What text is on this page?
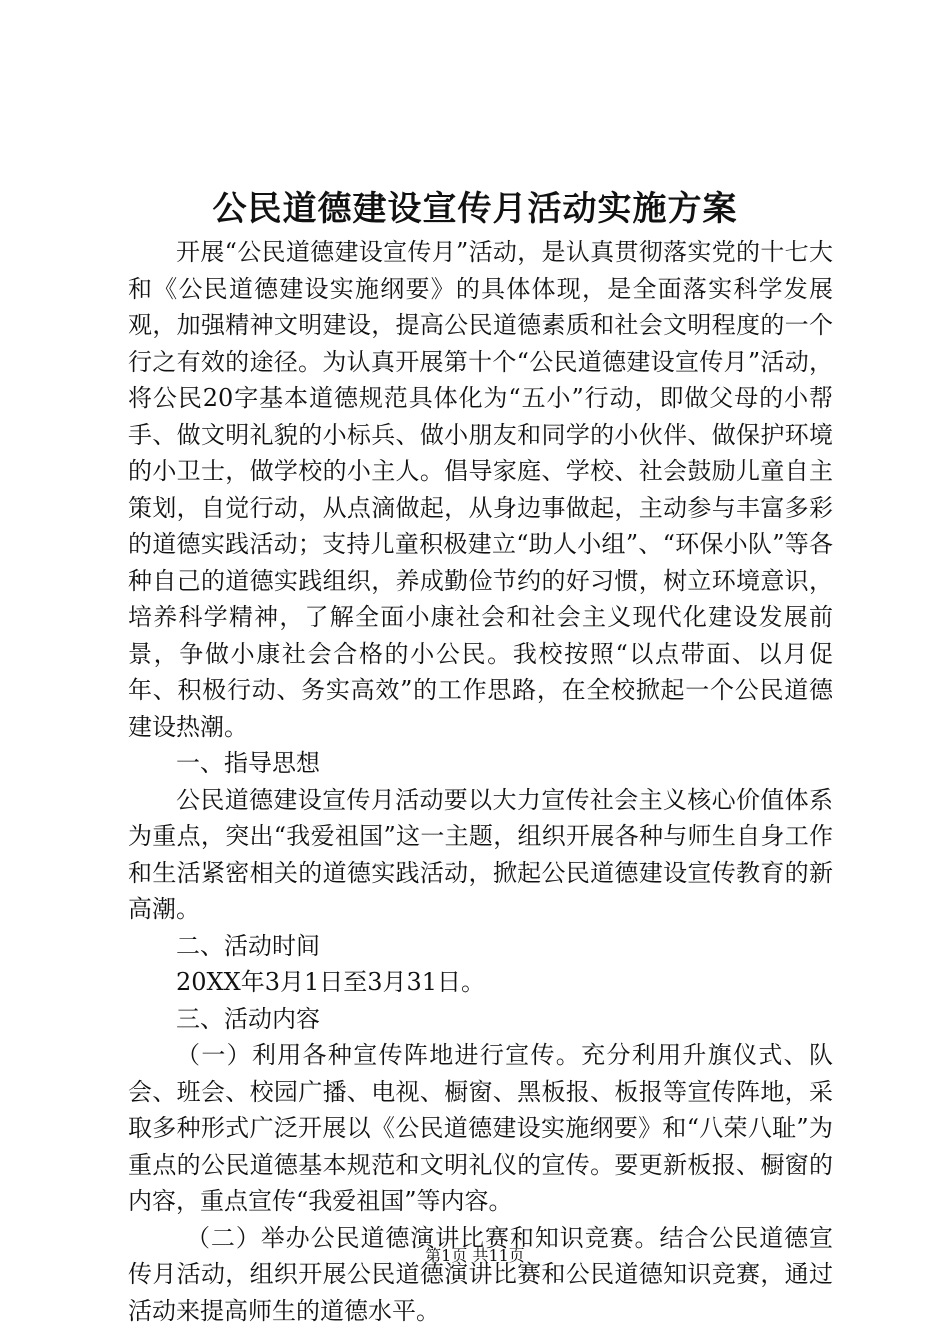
公民道德建设宣传月活动实施方案

开展“公民道德建设宣传月”活动，是认真贯彻落实党的十七大和《公民道德建设实施纲要》的具体体现，是全面落实科学发展观，加强精神文明建设，提高公民道德素质和社会文明程度的一个行之有效的途径。为认真开展第十个“公民道德建设宣传月”活动，将公民20字基本道德规范具体化为“五小”行动，即做父母的小帮手、做文明礼貌的小标兵、做小朋友和同学的小伙伴、做保护环境的小卫士，做学校的小主人。倡导家庭、学校、社会鼓励儿童自主策划，自觉行动，从点滴做起，从身边事做起，主动参与丰富多彩的道德实践活动；支持儿童积极建立“助人小组”、“环保小队”等各种自己的道德实践组织，养成勤俭节约的好习惯，树立环境意识，培养科学精神，了解全面小康社会和社会主义现代化建设发展前景，争做小康社会合格的小公民。我校按照“以点带面、以月促年、积极行动、务实高效”的工作思路，在全校掀起一个公民道德建设热潮。

一、指导思想

公民道德建设宣传月活动要以大力宣传社会主义核心价值体系为重点，突出“我爱祖国”这一主题，组织开展各种与师生自身工作和生活紧密相关的道德实践活动，掀起公民道德建设宣传教育的新高潮。

二、活动时间

20XX年3月1日至3月31日。

三、活动内容

（一）利用各种宣传阵地进行宣传。充分利用升旗仪式、队会、班会、校园广播、电视、橱窗、黑板报、板报等宣传阵地，采取多种形式广泛开展以《公民道德建设实施纲要》和“八荣八耻”为重点的公民道德基本规范和文明礼仪的宣传。要更新板报、橱窗的内容，重点宣传“我爱祖国”等内容。

（二）举办公民道德演讲比赛和知识竞赛。结合公民道德宣传月活动，组织开展公民道德演讲比赛和公民道德知识竞赛，通过活动来提高师生的道德水平。

第1页 共11页
